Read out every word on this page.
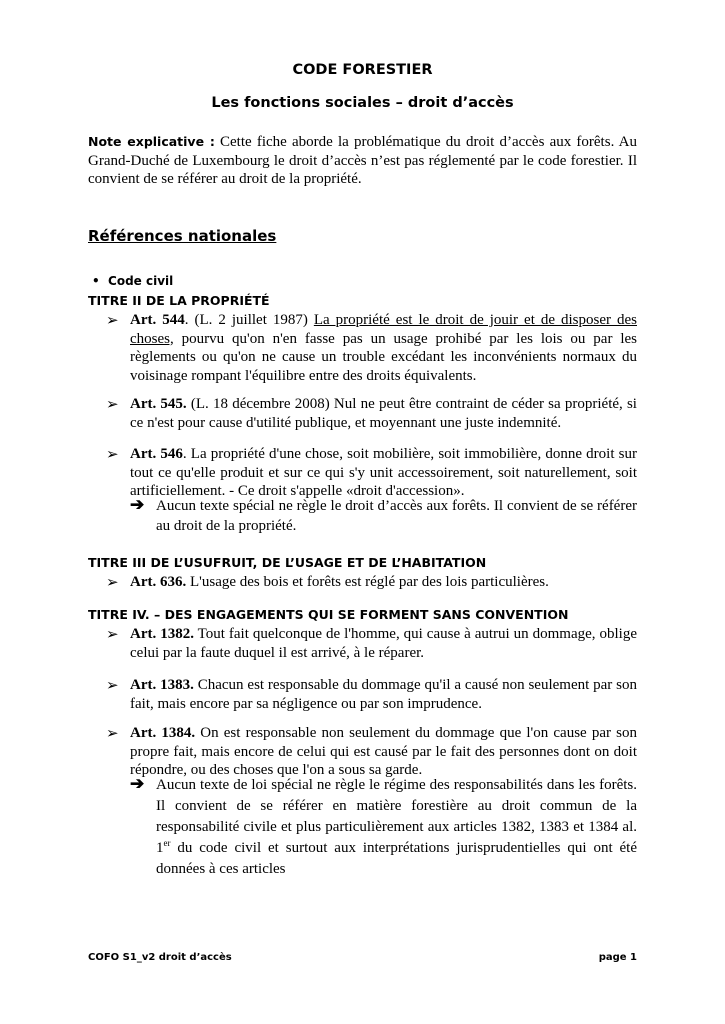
CODE FORESTIER
Les fonctions sociales – droit d’accès
Note explicative : Cette fiche aborde la problématique du droit d’accès aux forêts. Au Grand-Duché de Luxembourg le droit d’accès n’est pas réglementé par le code forestier. Il convient de se référer au droit de la propriété.
Références nationales
• Code civil
TITRE II DE LA PROPRIÉTÉ
➢ Art. 544. (L. 2 juillet 1987) La propriété est le droit de jouir et de disposer des choses, pourvu qu'on n'en fasse pas un usage prohibé par les lois ou par les règlements ou qu'on ne cause un trouble excédant les inconvénients normaux du voisinage rompant l'équilibre entre des droits équivalents.
➢ Art. 545. (L. 18 décembre 2008) Nul ne peut être contraint de céder sa propriété, si ce n'est pour cause d'utilité publique, et moyennant une juste indemnité.
➢ Art. 546. La propriété d'une chose, soit mobilière, soit immobilière, donne droit sur tout ce qu'elle produit et sur ce qui s'y unit accessoirement, soit naturellement, soit artificiellement. - Ce droit s'appelle «droit d'accession».
➔ Aucun texte spécial ne règle le droit d’accès aux forêts. Il convient de se référer au droit de la propriété.
TITRE III DE L’USUFRUIT, DE L’USAGE ET DE L’HABITATION
➢ Art. 636. L'usage des bois et forêts est réglé par des lois particulières.
TITRE IV. – DES ENGAGEMENTS QUI SE FORMENT SANS CONVENTION
➢ Art. 1382. Tout fait quelconque de l'homme, qui cause à autrui un dommage, oblige celui par la faute duquel il est arrivé, à le réparer.
➢ Art. 1383. Chacun est responsable du dommage qu'il a causé non seulement par son fait, mais encore par sa négligence ou par son imprudence.
➢ Art. 1384. On est responsable non seulement du dommage que l'on cause par son propre fait, mais encore de celui qui est causé par le fait des personnes dont on doit répondre, ou des choses que l'on a sous sa garde.
➔ Aucun texte de loi spécial ne règle le régime des responsabilités dans les forêts. Il convient de se référer en matière forestière au droit commun de la responsabilité civile et plus particulièrement aux articles 1382, 1383 et 1384 al. 1er du code civil et surtout aux interprétations jurisprudentielles qui ont été données à ces articles
COFO S1_v2 droit d’accès	page 1
